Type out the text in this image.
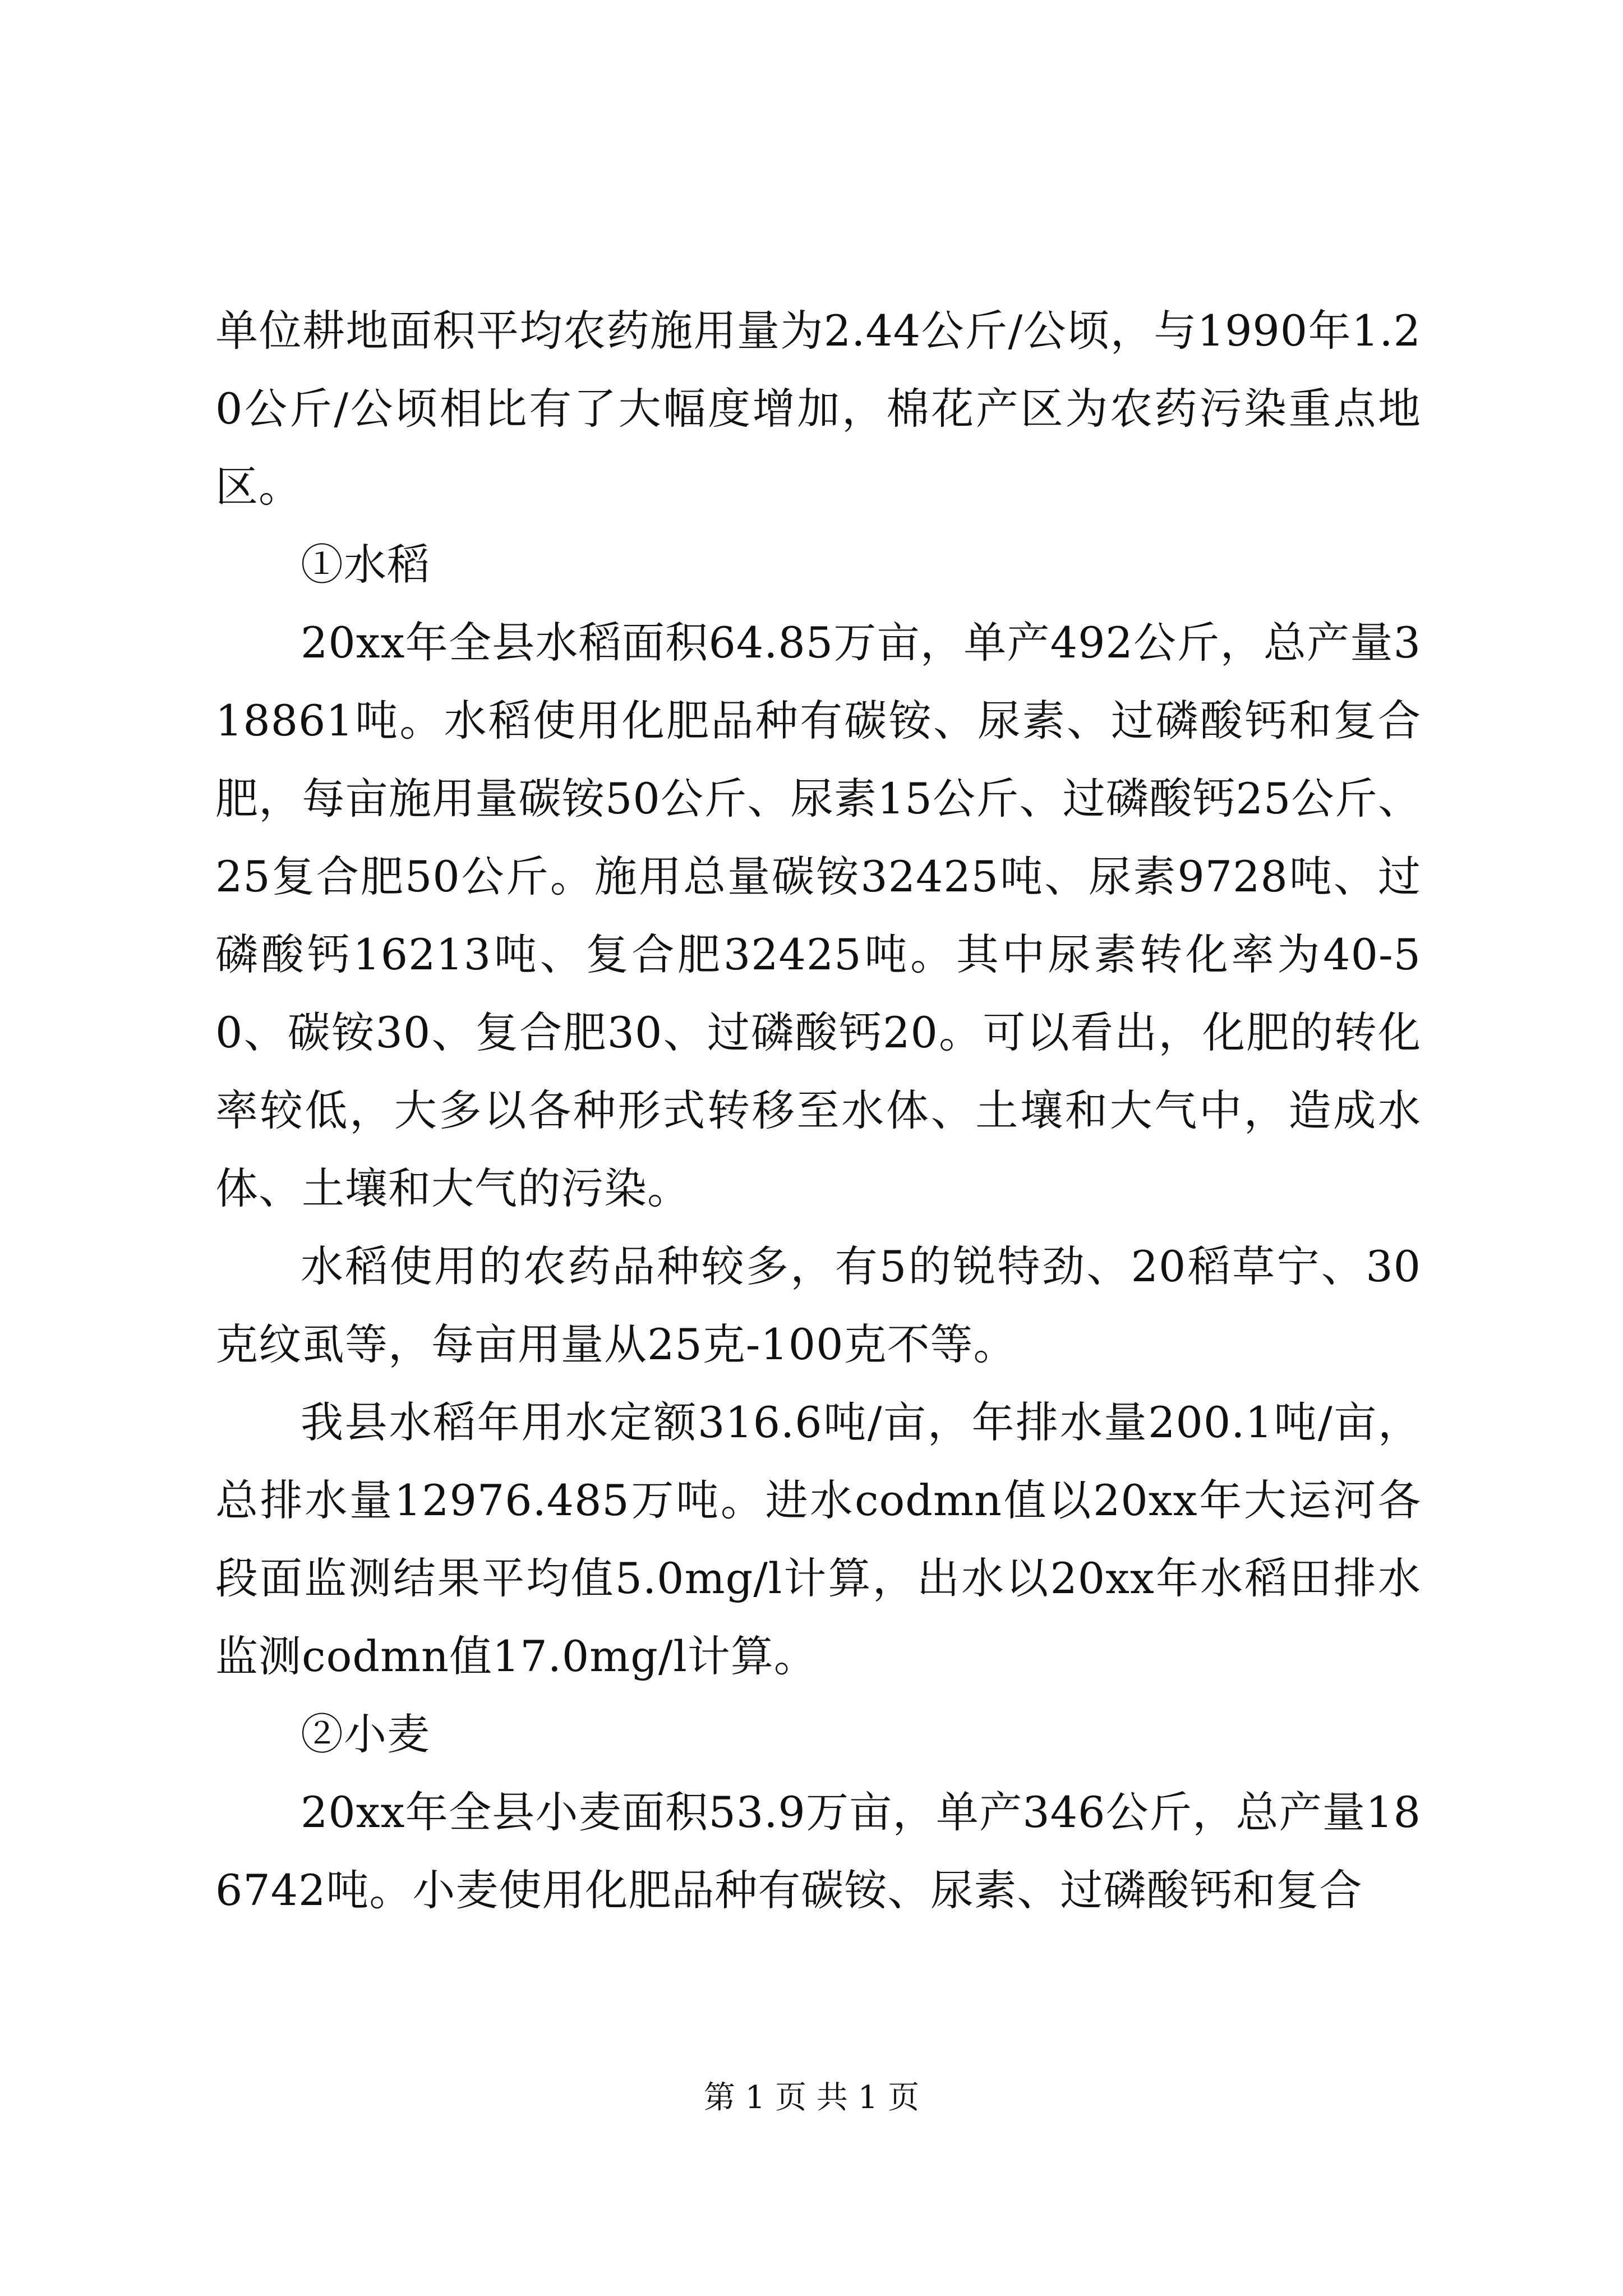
单位耕地面积平均农药施用量为2.44公斤/公顷，与1990年1.20公斤/公顷相比有了大幅度增加，棉花产区为农药污染重点地区。

①水稻

20xx年全县水稻面积64.85万亩，单产492公斤，总产量318861吨。水稻使用化肥品种有碳铵、尿素、过磷酸钙和复合肥，每亩施用量碳铵50公斤、尿素15公斤、过磷酸钙25公斤、25复合肥50公斤。施用总量碳铵32425吨、尿素9728吨、过磷酸钙16213吨、复合肥32425吨。其中尿素转化率为40-50、碳铵30、复合肥30、过磷酸钙20。可以看出，化肥的转化率较低，大多以各种形式转移至水体、土壤和大气中，造成水体、土壤和大气的污染。

水稻使用的农药品种较多，有5的锐特劲、20稻草宁、30克纹虱等，每亩用量从25克-100克不等。

我县水稻年用水定额316.6吨/亩，年排水量200.1吨/亩，总排水量12976.485万吨。进水codmn值以20xx年大运河各段面监测结果平均值5.0mg/l计算，出水以20xx年水稻田排水监测codmn值17.0mg/l计算。

②小麦

20xx年全县小麦面积53.9万亩，单产346公斤，总产量186742吨。小麦使用化肥品种有碳铵、尿素、过磷酸钙和复合

第 1 页 共 1 页
